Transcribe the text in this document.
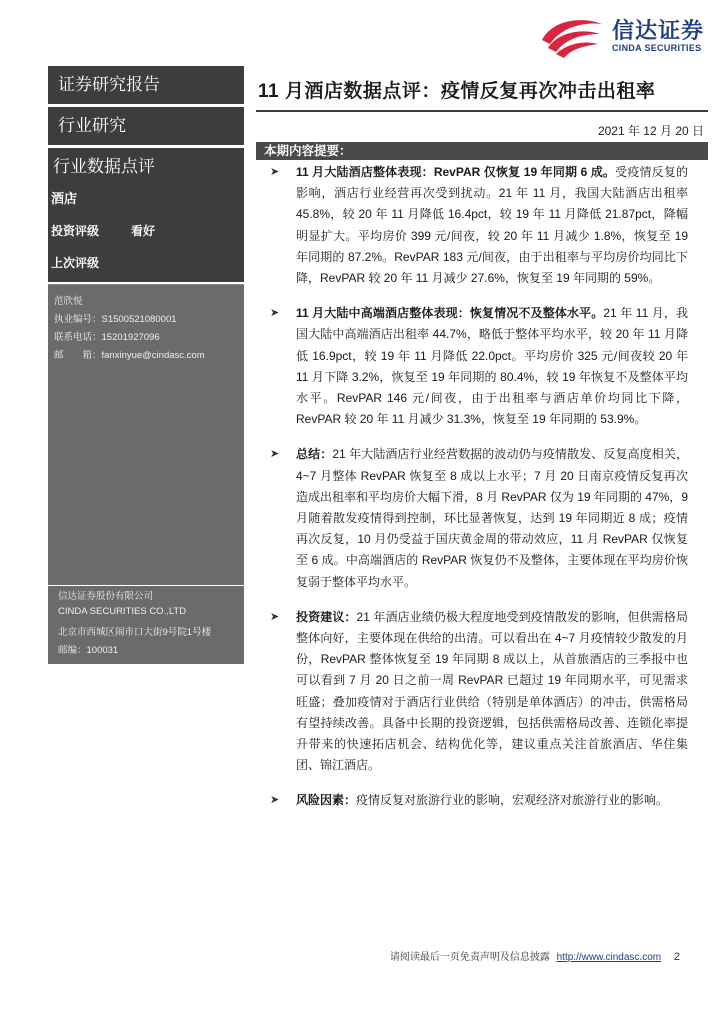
信达证券
CINDA SECURITIES
证券研究报告
行业研究
行业数据点评
酒店
投资评级	看好
上次评级
范欣悦
执业编号：S1500521080001
联系电话：15201927096
邮　　箱：fanxinyue@cindasc.com
信达证券股份有限公司
CINDA SECURITIES CO.,LTD
北京市西城区闹市口大街9号院1号楼
邮编：100031
11 月酒店数据点评：疫情反复再次冲击出租率
2021 年 12 月 20 日
本期内容提要：
➤ 11 月大陆酒店整体表现：RevPAR 仅恢复 19 年同期 6 成。受疫情反复的影响，酒店行业经营再次受到扰动。21 年 11 月，我国大陆酒店出租率 45.8%，较 20 年 11 月降低 16.4pct，较 19 年 11 月降低 21.87pct，降幅明显扩大。平均房价 399 元/间夜，较 20 年 11 月减少 1.8%，恢复至 19 年同期的 87.2%。RevPAR 183 元/间夜，由于出租率与平均房价均同比下降，RevPAR 较 20 年 11 月减少 27.6%，恢复至 19 年同期的 59%。
➤ 11 月大陆中高端酒店整体表现：恢复情况不及整体水平。21 年 11 月，我国大陆中高端酒店出租率 44.7%，略低于整体平均水平，较 20 年 11 月降低 16.9pct，较 19 年 11 月降低 22.0pct。平均房价 325 元/间夜较 20 年 11 月下降 3.2%，恢复至 19 年同期的 80.4%，较 19 年恢复不及整体平均水平。RevPAR 146 元/间夜，由于出租率与酒店单价均同比下降，RevPAR 较 20 年 11 月减少 31.3%，恢复至 19 年同期的 53.9%。
➤ 总结：21 年大陆酒店行业经营数据的波动仍与疫情散发、反复高度相关，4~7 月整体 RevPAR 恢复至 8 成以上水平；7 月 20 日南京疫情反复再次造成出租率和平均房价大幅下滑，8 月 RevPAR 仅为 19 年同期的 47%，9 月随着散发疫情得到控制，环比显著恢复，达到 19 年同期近 8 成；疫情再次反复，10 月仍受益于国庆黄金周的带动效应，11 月 RevPAR 仅恢复至 6 成。中高端酒店的 RevPAR 恢复仍不及整体，主要体现在平均房价恢复弱于整体平均水平。
➤ 投资建议：21 年酒店业绩仍极大程度地受到疫情散发的影响，但供需格局整体向好，主要体现在供给的出清。可以看出在 4~7 月疫情较少散发的月份，RevPAR 整体恢复至 19 年同期 8 成以上，从首旅酒店的三季报中也可以看到 7 月 20 日之前一周 RevPAR 已超过 19 年同期水平，可见需求旺盛；叠加疫情对于酒店行业供给（特别是单体酒店）的冲击，供需格局有望持续改善。具备中长期的投资逻辑，包括供需格局改善、连锁化率提升带来的快速拓店机会、结构优化等，建议重点关注首旅酒店、华住集团、锦江酒店。
➤ 风险因素：疫情反复对旅游行业的影响，宏观经济对旅游行业的影响。
请阅读最后一页免责声明及信息披露 http://www.cindasc.com 2
